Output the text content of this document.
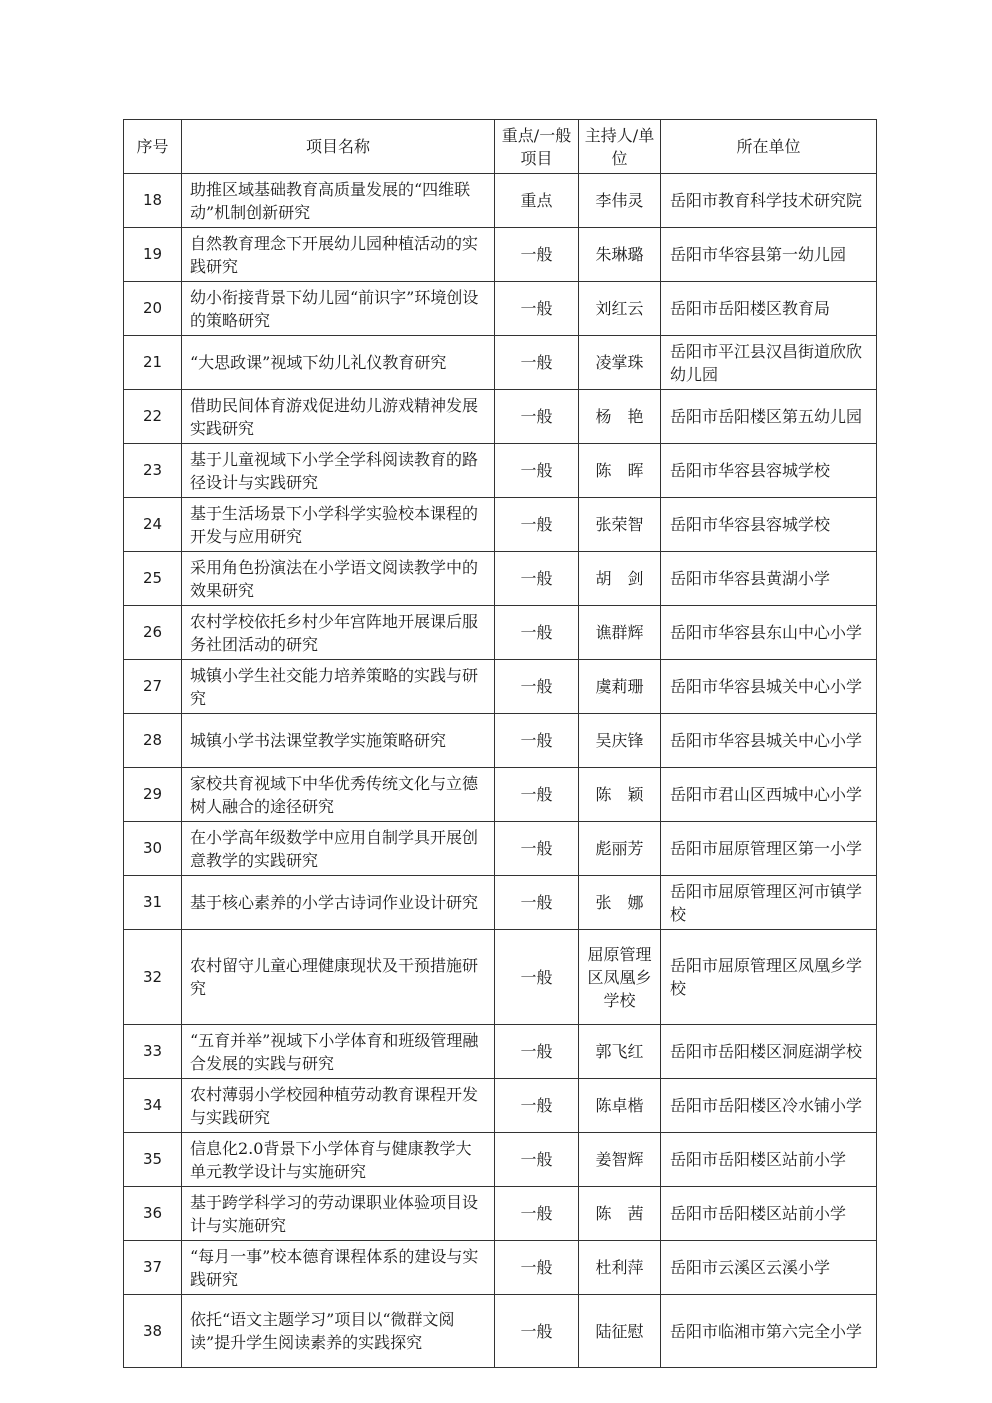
序号	项目名称	重点/一般项目	主持人/单位	所在单位
18	助推区域基础教育高质量发展的“四维联动”机制创新研究	重点	李伟灵	岳阳市教育科学技术研究院
19	自然教育理念下开展幼儿园种植活动的实践研究	一般	朱琳璐	岳阳市华容县第一幼儿园
20	幼小衔接背景下幼儿园“前识字”环境创设的策略研究	一般	刘红云	岳阳市岳阳楼区教育局
21	“大思政课”视域下幼儿礼仪教育研究	一般	凌掌珠	岳阳市平江县汉昌街道欣欣幼儿园
22	借助民间体育游戏促进幼儿游戏精神发展实践研究	一般	杨　艳	岳阳市岳阳楼区第五幼儿园
23	基于儿童视域下小学全学科阅读教育的路径设计与实践研究	一般	陈　晖	岳阳市华容县容城学校
24	基于生活场景下小学科学实验校本课程的开发与应用研究	一般	张荣智	岳阳市华容县容城学校
25	采用角色扮演法在小学语文阅读教学中的效果研究	一般	胡　剑	岳阳市华容县黄湖小学
26	农村学校依托乡村少年宫阵地开展课后服务社团活动的研究	一般	谯群辉	岳阳市华容县东山中心小学
27	城镇小学生社交能力培养策略的实践与研究	一般	虞莉珊	岳阳市华容县城关中心小学
28	城镇小学书法课堂教学实施策略研究	一般	吴庆锋	岳阳市华容县城关中心小学
29	家校共育视域下中华优秀传统文化与立德树人融合的途径研究	一般	陈　颖	岳阳市君山区西城中心小学
30	在小学高年级数学中应用自制学具开展创意教学的实践研究	一般	彪丽芳	岳阳市屈原管理区第一小学
31	基于核心素养的小学古诗词作业设计研究	一般	张　娜	岳阳市屈原管理区河市镇学校
32	农村留守儿童心理健康现状及干预措施研究	一般	屈原管理区凤凰乡学校	岳阳市屈原管理区凤凰乡学校
33	“五育并举”视域下小学体育和班级管理融合发展的实践与研究	一般	郭飞红	岳阳市岳阳楼区洞庭湖学校
34	农村薄弱小学校园种植劳动教育课程开发与实践研究	一般	陈卓楷	岳阳市岳阳楼区冷水铺小学
35	信息化2.0背景下小学体育与健康教学大单元教学设计与实施研究	一般	姜智辉	岳阳市岳阳楼区站前小学
36	基于跨学科学习的劳动课职业体验项目设计与实施研究	一般	陈　茜	岳阳市岳阳楼区站前小学
37	“每月一事”校本德育课程体系的建设与实践研究	一般	杜利萍	岳阳市云溪区云溪小学
38	依托“语文主题学习”项目以“微群文阅读”提升学生阅读素养的实践探究	一般	陆征慰	岳阳市临湘市第六完全小学
